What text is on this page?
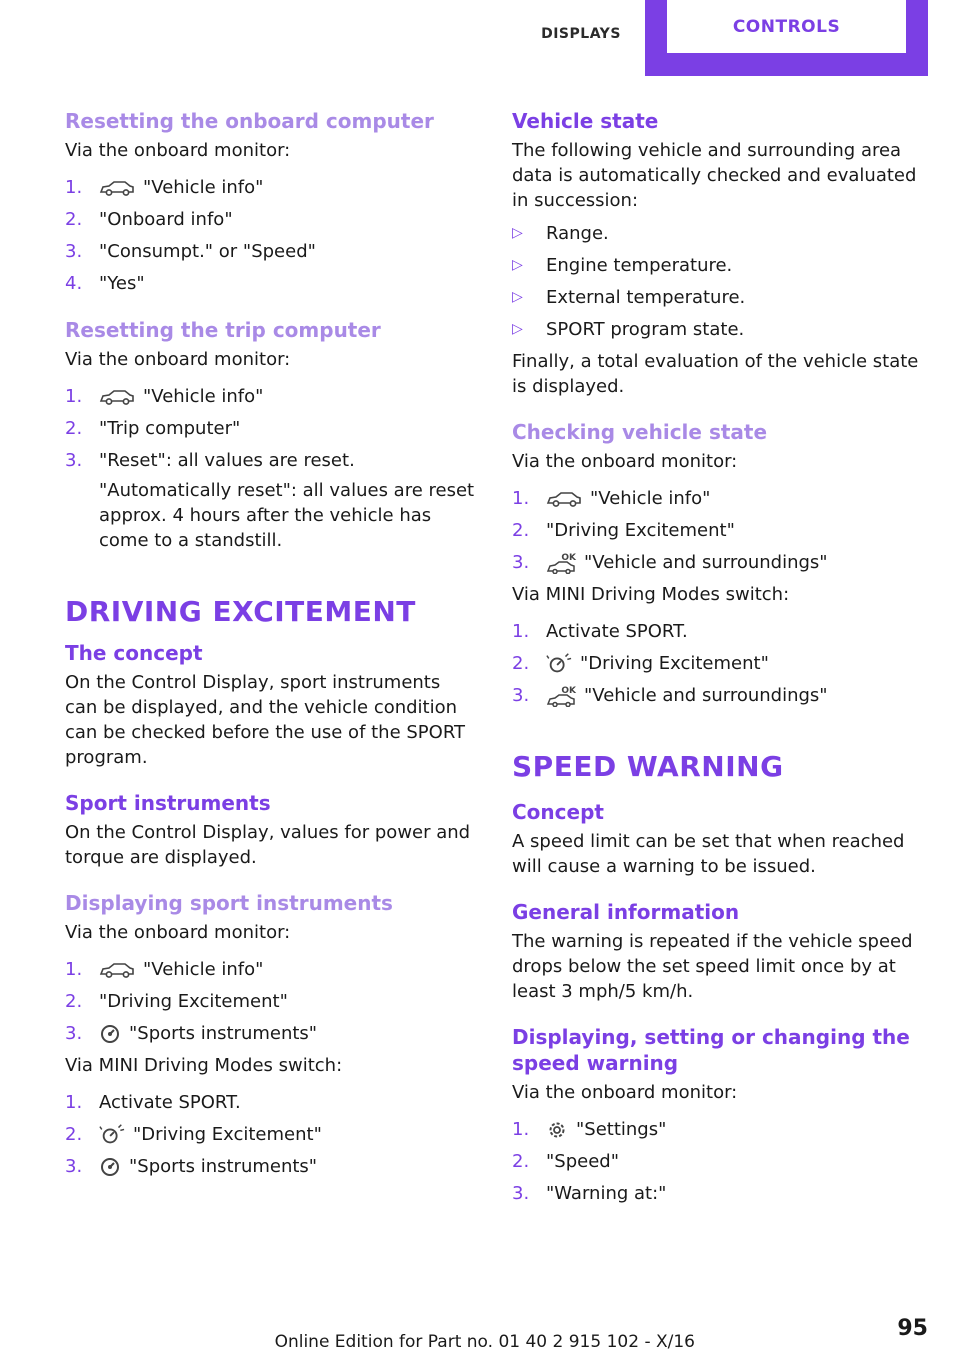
DISPLAYS	CONTROLS
Resetting the onboard computer

Via the onboard monitor:

1.	"Vehicle info"
2. "Onboard info"
3. "Consumpt." or "Speed"
4. "Yes"
Resetting the trip computer

Via the onboard monitor:

1.	"Vehicle info"
2. "Trip computer"
3. "Reset": all values are reset.
"Automatically reset": all values are reset approx. 4 hours after the vehicle has come to a standstill.
DRIVING EXCITEMENT
The concept

On the Control Display, sport instruments can be displayed, and the vehicle condition can be checked before the use of the SPORT program.

Sport instruments

On the Control Display, values for power and torque are displayed.

Displaying sport instruments

Via the onboard monitor:

1.	"Vehicle info"
2. "Driving Excitement"
3.	"Sports instruments"

Via MINI Driving Modes switch:

1. Activate SPORT.
2.	"Driving Excitement"
3.	"Sports instruments"
Vehicle state

The following vehicle and surrounding area data is automatically checked and evaluated in succession:

▷ Range.
▷ Engine temperature.
▷ External temperature.
▷ SPORT program state.

Finally, a total evaluation of the vehicle state is displayed.

Checking vehicle state

Via the onboard monitor:

1.	"Vehicle info"
2. "Driving Excitement"
3.	OK "Vehicle and surroundings"

Via MINI Driving Modes switch:

1. Activate SPORT.
2.	"Driving Excitement"
3.	OK "Vehicle and surroundings"
SPEED WARNING
Concept

A speed limit can be set that when reached will cause a warning to be issued.

General information

The warning is repeated if the vehicle speed drops below the set speed limit once by at least 3 mph/5 km/h.

Displaying, setting or changing the speed warning

Via the onboard monitor:

1.	"Settings"
2. "Speed"
3. "Warning at:"
95
Online Edition for Part no. 01 40 2 915 102 - X/16
